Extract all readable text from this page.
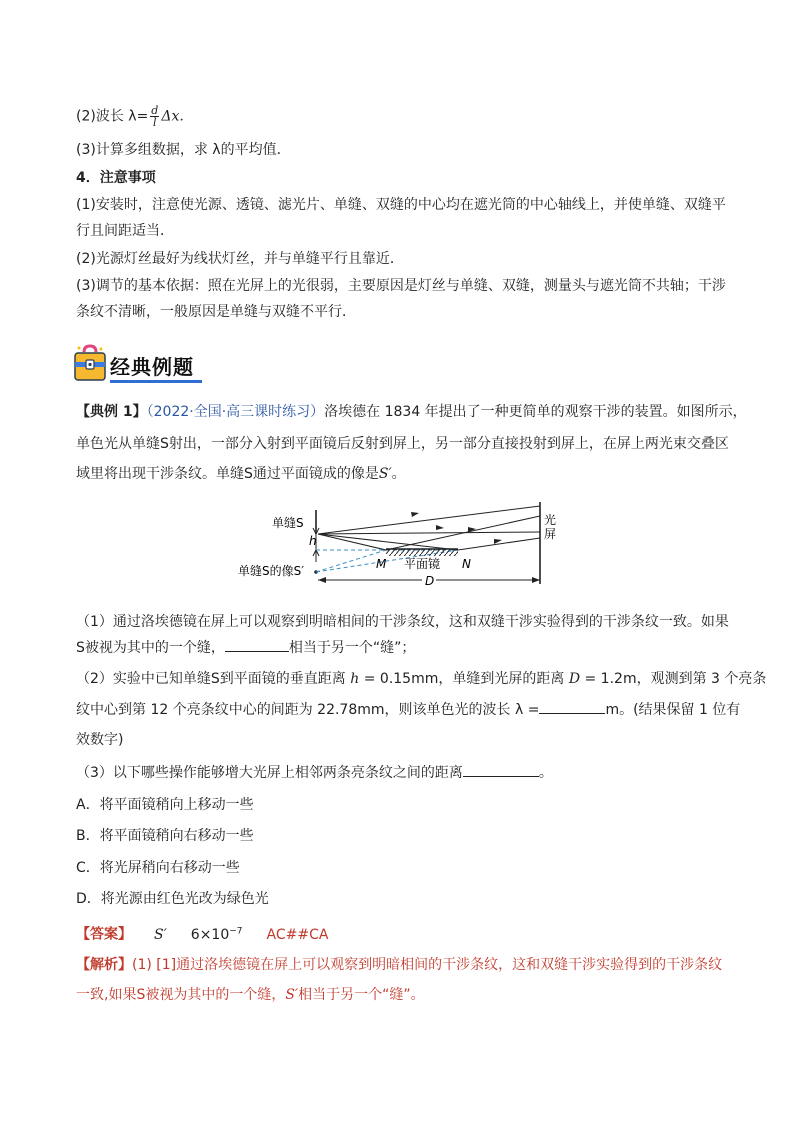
(2)波长 $\lambda= \frac{d}{l} \Delta x$.
(3)计算多组数据，求 λ的平均值．
4．注意事项
(1)安装时，注意使光源、透镜、滤光片、单缝、双缝的中心均在遮光筒的中心轴线上，并使单缝、双缝平
行且间距适当．
(2)光源灯丝最好为线状灯丝，并与单缝平行且靠近．
(3)调节的基本依据：照在光屏上的光很弱，主要原因是灯丝与单缝、双缝，测量头与遮光筒不共轴；干涉
条纹不清晰，一般原因是单缝与双缝不平行．
经典例题
【典例 1】（2022·全国·高三课时练习）洛埃德在 1834 年提出了一种更简单的观察干涉的装置。如图所示，
单色光从单缝S射出，一部分入射到平面镜后反射到屏上，另一部分直接投射到屏上，在屏上两光束交叠区
域里将出现干涉条纹。单缝S通过平面镜成的像是S′。
单缝S
h
单缝S的像S′
光
屏
M 平面镜 N
D
（1）通过洛埃德镜在屏上可以观察到明暗相间的干涉条纹，这和双缝干涉实验得到的干涉条纹一致。如果
S被视为其中的一个缝，	相当于另一个“缝”；
（2）实验中已知单缝S到平面镜的垂直距离 h = 0.15mm，单缝到光屏的距离 D = 1.2m，观测到第 3 个亮条
纹中心到第 12 个亮条纹中心的间距为 22.78mm，则该单色光的波长 λ =	m。(结果保留 1 位有
效数字)
（3）以下哪些操作能够增大光屏上相邻两条亮条纹之间的距离	。
A．将平面镜稍向上移动一些
B．将平面镜稍向右移动一些
C．将光屏稍向右移动一些
D．将光源由红色光改为绿色光
【答案】 S′ $6\times 10^{-7}$ AC##CA
【解析】(1) [1]通过洛埃德镜在屏上可以观察到明暗相间的干涉条纹，这和双缝干涉实验得到的干涉条纹
一致,如果S被视为其中的一个缝，S′相当于另一个“缝”。
